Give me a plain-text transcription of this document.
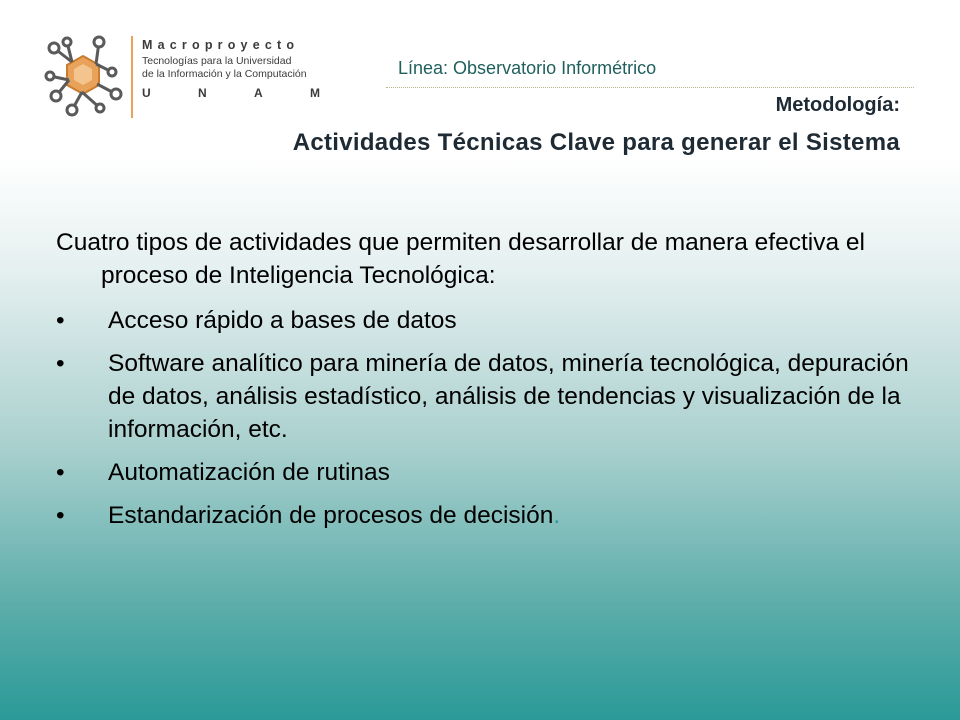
Macroproyecto
Tecnologías para la Universidad
de la Información y la Computación
U	N	A	M
Línea: Observatorio Informétrico
Metodología:
Actividades Técnicas Clave para generar el Sistema

Cuatro tipos de actividades que permiten desarrollar de manera efectiva el proceso de Inteligencia Tecnológica:

•	Acceso rápido a bases de datos
•	Software analítico para minería de datos, minería tecnológica, depuración de datos, análisis estadístico, análisis de tendencias y visualización de la información, etc.
•	Automatización de rutinas
•	Estandarización de procesos de decisión.
